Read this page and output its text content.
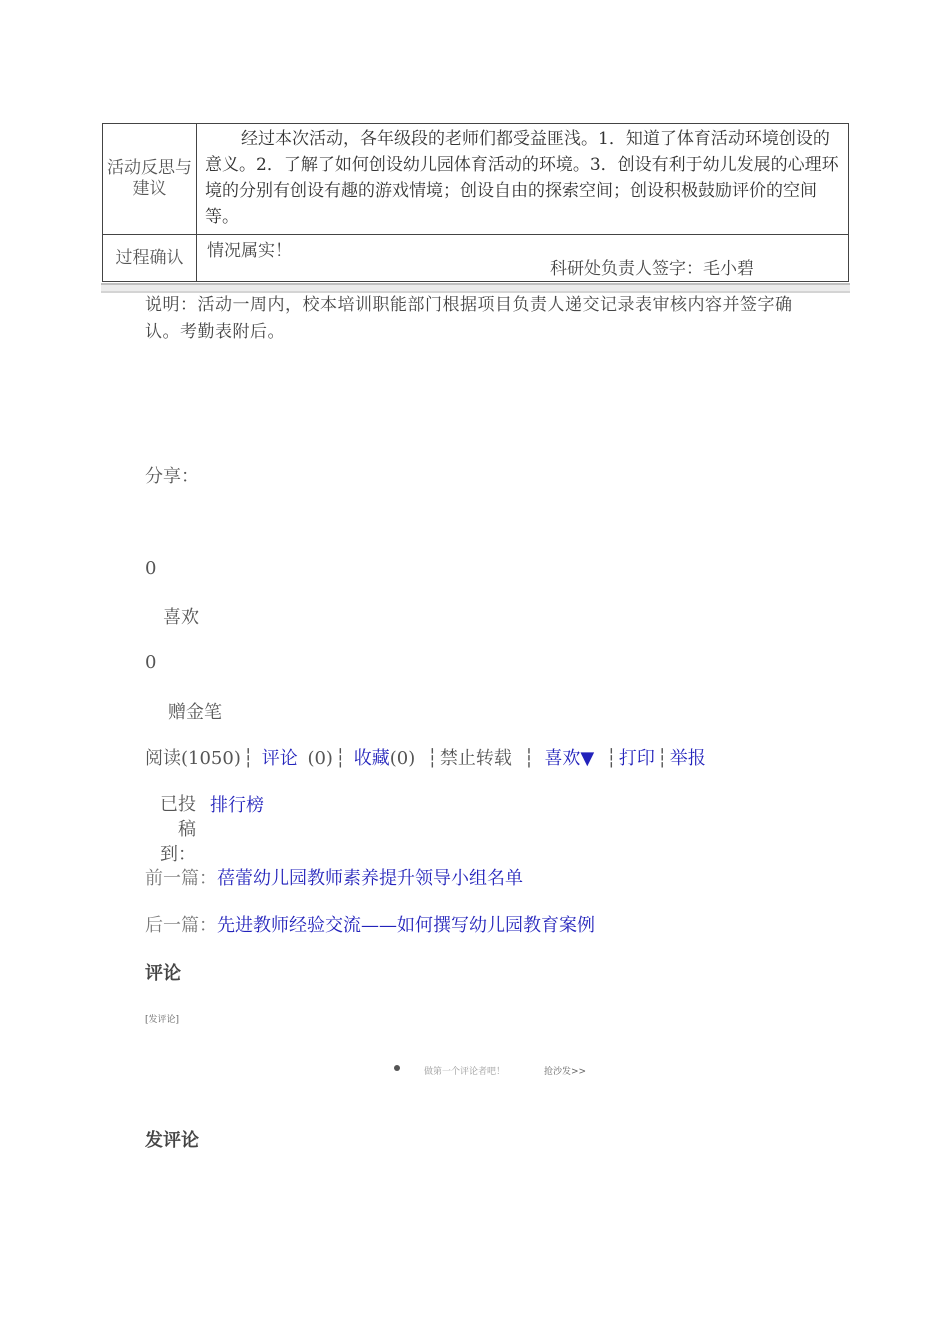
活动反思与建议	经过本次活动，各年级段的老师们都受益匪浅。1．知道了体育活动环境创设的意义。2．了解了如何创设幼儿园体育活动的环境。3．创设有利于幼儿发展的心理环境的分别有创设有趣的游戏情境；创设自由的探索空间；创设积极鼓励评价的空间等。

过程确认	情况属实！
科研处负责人签字：毛小碧
说明：活动一周内，校本培训职能部门根据项目负责人递交记录表审核内容并签字确认。考勤表附后。
分享：
0
喜欢
0
赠金笔
阅读(1050) ┆ 评论 (0) ┆ 收藏(0) ┆ 禁止转载 ┆ 喜欢▼ ┆ 打印 ┆ 举报
已投稿到：
排行榜
前一篇：蓓蕾幼儿园教师素养提升领导小组名单
后一篇：先进教师经验交流——如何撰写幼儿园教育案例
评论
[发评论]
做第一个评论者吧！	抢沙发>>
发评论
